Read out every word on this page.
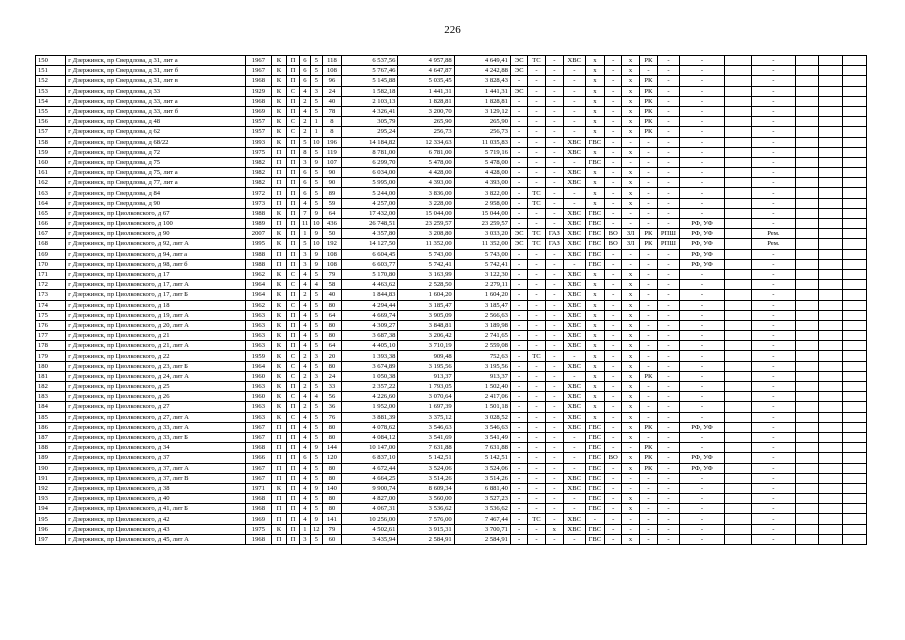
226
150	г Дзержинск, пр Свердлова, д 31, лит а	1967	К	П	6	5	118	6 537,56	4 957,88	4 649,41	ЭС	ТС	-	ХВС	х	-	х	РК	-	-		-			
151	г Дзержинск, пр Свердлова, д 31, лит б	1967	К	П	6	5	108	5 767,46	4 647,87	4 242,88	ЭС	-	-	-	х	-	х	-	-	-		-			
152	г Дзержинск, пр Свердлова, д 31, лит в	1968	К	П	6	5	96	5 145,88	5 035,45	3 828,43	-	-	-	-	х	-	х	РК	-	-		-			
153	г Дзержинск, пр Свердлова, д 33	1929	К	С	4	3	24	1 582,18	1 441,31	1 441,31	ЭС	-	-	-	х	-	х	РК	-	-		-			
154	г Дзержинск, пр Свердлова, д 33, лит а	1968	К	П	2	5	40	2 103,13	1 828,81	1 828,81	-	-	-	-	х	-	х	РК	-	-		-			
155	г Дзержинск, пр Свердлова, д 33, лит б	1969	К	П	4	5	78	4 326,41	3 200,70	3 129,12	-	-	-	-	х	-	х	РК	-	-		-			
156	г Дзержинск, пр Свердлова, д 48	1957	К	С	2	1	8	305,79	265,90	265,90	-	-	-	-	х	-	х	РК	-	-		-			
157	г Дзержинск, пр Свердлова, д 62	1957	К	С	2	1	8	295,24	256,73	256,73	-	-	-	-	х	-	х	РК	-	-		-			
158	г Дзержинск, пр Свердлова, д 68/22	1993	К	П	5	10	196	14 184,82	12 334,63	11 035,83	-	-	-	ХВС	ГВС	-	-	-	-	-		-			
159	г Дзержинск, пр Свердлова, д 72	1975	П	П	8	5	119	8 781,00	6 781,00	5 719,16	-	-	-	ХВС	х	-	х	-	-	-		-			
160	г Дзержинск, пр Свердлова, д 75	1982	П	П	3	9	107	6 299,70	5 478,00	5 478,00	-	-	-	-	ГВС	-	-	-	-	-		-			
161	г Дзержинск, пр Свердлова, д 75, лит а	1982	П	П	6	5	90	6 034,00	4 428,00	4 428,00	-	-	-	ХВС	х	-	х	-	-	-		-			
162	г Дзержинск, пр Свердлова, д 77, лит а	1982	П	П	6	5	90	5 995,00	4 393,00	4 393,00	-	-	-	ХВС	х	-	х	-	-	-		-			
163	г Дзержинск, пр Свердлова, д 84	1972	П	П	6	5	89	5 244,00	3 836,00	3 822,00	-	ТС	-	-	х	-	х	-	-	-		-			
164	г Дзержинск, пр Свердлова, д 90	1973	П	П	4	5	59	4 257,00	3 228,00	2 958,00	-	ТС	-	-	х	-	х	-	-	-		-			
165	г Дзержинск, пр Циолковского, д 67	1988	К	П	7	9	64	17 432,00	15 044,00	15 044,00	-	-	-	ХВС	ГВС	-	-	-	-	-		-			
166	г Дзержинск, пр Циолковского, д 100	1989	П	П	11	10	436	26 748,51	23 259,57	23 259,57	-	-	-	ХВС	ГВС	-	-	-	-	РФ, УФ		-			
167	г Дзержинск, пр Циолковского, д 90	2007	К	П	1	9	50	4 357,80	3 208,80	3 033,20	ЭС	ТС	ГАЗ	ХВС	ГВС	ВО	ЗЛ	РК	РПШ	РФ, УФ		Рем.			
168	г Дзержинск, пр Циолковского, д 92, лит А	1995	К	П	5	10	192	14 127,50	11 352,00	11 352,00	ЭС	ТС	ГАЗ	ХВС	ГВС	ВО	ЗЛ	РК	РПШ	РФ, УФ		Рем.			
169	г Дзержинск, пр Циолковского, д 94, лит а	1988	П	П	3	9	108	6 604,45	5 743,00	5 743,00	-	-	-	ХВС	ГВС	-	-	-	-	РФ, УФ		-			
170	г Дзержинск, пр Циолковского, д 98, лит б	1988	П	П	3	9	108	6 603,77	5 742,41	5 742,41	-	-	-	-	ГВС	-	-	-	-	РФ, УФ		-			
171	г Дзержинск, пр Циолковского, д 17	1962	К	С	4	5	79	5 170,80	3 163,99	3 122,30	-	-	-	ХВС	х	-	х	-	-	-		-			
172	г Дзержинск, пр Циолковского, д 17, лит А	1964	К	С	4	4	58	4 463,62	2 528,50	2 279,11	-	-	-	ХВС	х	-	х	-	-	-		-			
173	г Дзержинск, пр Циолковского, д 17, лит Б	1964	К	П	2	5	40	1 844,83	1 604,20	1 604,20	-	-	-	ХВС	х	-	х	-	-	-		-			
174	г Дзержинск, пр Циолковского, д 18	1962	К	С	4	5	80	4 294,44	3 185,47	3 185,47	-	-	-	ХВС	х	-	х	-	-	-		-			
175	г Дзержинск, пр Циолковского, д 19, лит А	1963	К	П	4	5	64	4 669,74	3 905,09	2 566,63	-	-	-	ХВС	х	-	х	-	-	-		-			
176	г Дзержинск, пр Циолковского, д 20, лит А	1963	К	П	4	5	80	4 309,27	3 848,81	3 189,98	-	-	-	ХВС	х	-	х	-	-	-		-			
177	г Дзержинск, пр Циолковского, д 21	1963	К	П	4	5	80	3 687,38	3 206,42	2 741,65	-	-	-	ХВС	х	-	х	-	-	-		-			
178	г Дзержинск, пр Циолковского, д 21, лит А	1963	К	П	4	5	64	4 405,10	3 710,19	2 559,08	-	-	-	ХВС	х	-	х	-	-	-		-			
179	г Дзержинск, пр Циолковского, д 22	1959	К	С	2	3	20	1 393,38	909,48	752,63	-	ТС	-	-	х	-	х	-	-	-		-			
180	г Дзержинск, пр Циолковского, д 23, лит Б	1964	К	С	4	5	80	3 674,89	3 195,56	3 195,56	-	-	-	ХВС	х	-	х	-	-	-		-			
181	г Дзержинск, пр Циолковского, д 24, лит А	1960	К	С	2	3	24	1 050,38	913,37	913,37	-	-	-	-	х	-	х	РК	-	-		-			
182	г Дзержинск, пр Циолковского, д 25	1963	К	П	2	5	33	2 357,22	1 793,05	1 502,40	-	-	-	ХВС	х	-	х	-	-	-		-			
183	г Дзержинск, пр Циолковского, д 26	1960	К	С	4	4	56	4 226,60	3 070,64	2 417,06	-	-	-	ХВС	х	-	х	-	-	-		-			
184	г Дзержинск, пр Циолковского, д 27	1963	К	П	2	5	36	1 952,00	1 697,39	1 501,18	-	-	-	ХВС	х	-	х	-	-	-		-			
185	г Дзержинск, пр Циолковского, д 27, лит А	1963	К	С	4	5	76	3 881,39	3 375,12	3 028,52	-	-	-	ХВС	х	-	х	-	-	-		-			
186	г Дзержинск, пр Циолковского, д 33, лит А	1967	П	П	4	5	80	4 078,62	3 546,63	3 546,63	-	-	-	ХВС	ГВС	-	х	РК	-	РФ, УФ		-			
187	г Дзержинск, пр Циолковского, д 33, лит Б	1967	П	П	4	5	80	4 084,12	3 541,69	3 541,49	-	-	-	-	ГВС	-	х	-	-	-		-			
188	г Дзержинск, пр Циолковского, д 34	1968	П	П	4	9	144	10 147,00	7 631,88	7 631,88	-	-	-	-	ГВС	-	-	РК	-	-		-			
189	г Дзержинск, пр Циолковского, д 37	1966	П	П	6	5	120	6 837,10	5 142,51	5 142,51	-	-	-	-	ГВС	ВО	х	РК	-	РФ, УФ		-			
190	г Дзержинск, пр Циолковского, д 37, лит А	1967	П	П	4	5	80	4 672,44	3 524,06	3 524,06	-	-	-	-	ГВС	-	х	РК	-	РФ, УФ		-			
191	г Дзержинск, пр Циолковского, д 37, лит В	1967	П	П	4	5	80	4 664,25	3 514,26	3 514,26	-	-	-	ХВС	ГВС	-	-	-	-	-		-			
192	г Дзержинск, пр Циолковского, д 38	1971	К	П	4	9	140	9 900,74	8 609,34	6 881,40	-	-	-	ХВС	ГВС	-	-	-	-	-		-			
193	г Дзержинск, пр Циолковского, д 40	1968	П	П	4	5	80	4 827,00	3 560,00	3 527,23	-	-	-	-	ГВС	-	х	-	-	-		-			
194	г Дзержинск, пр Циолковского, д 41, лит Б	1968	П	П	4	5	80	4 067,31	3 536,62	3 536,62	-	-	-	-	ГВС	-	х	-	-	-		-			
195	г Дзержинск, пр Циолковского, д 42	1969	П	П	4	9	141	10 256,00	7 576,00	7 467,44	-	ТС	-	ХВС	-	-	-	-	-	-		-			
196	г Дзержинск, пр Циолковского, д 43	1975	К	П	1	12	79	4 502,61	3 915,31	3 700,71	-	-	х	ХВС	ГВС	-	-	-	-	-		-			
197	г Дзержинск, пр Циолковского, д 45, лит А	1968	П	П	3	5	60	3 435,94	2 584,91	2 584,91	-	-	-	-	ГВС	-	х	-	-	-		-			
